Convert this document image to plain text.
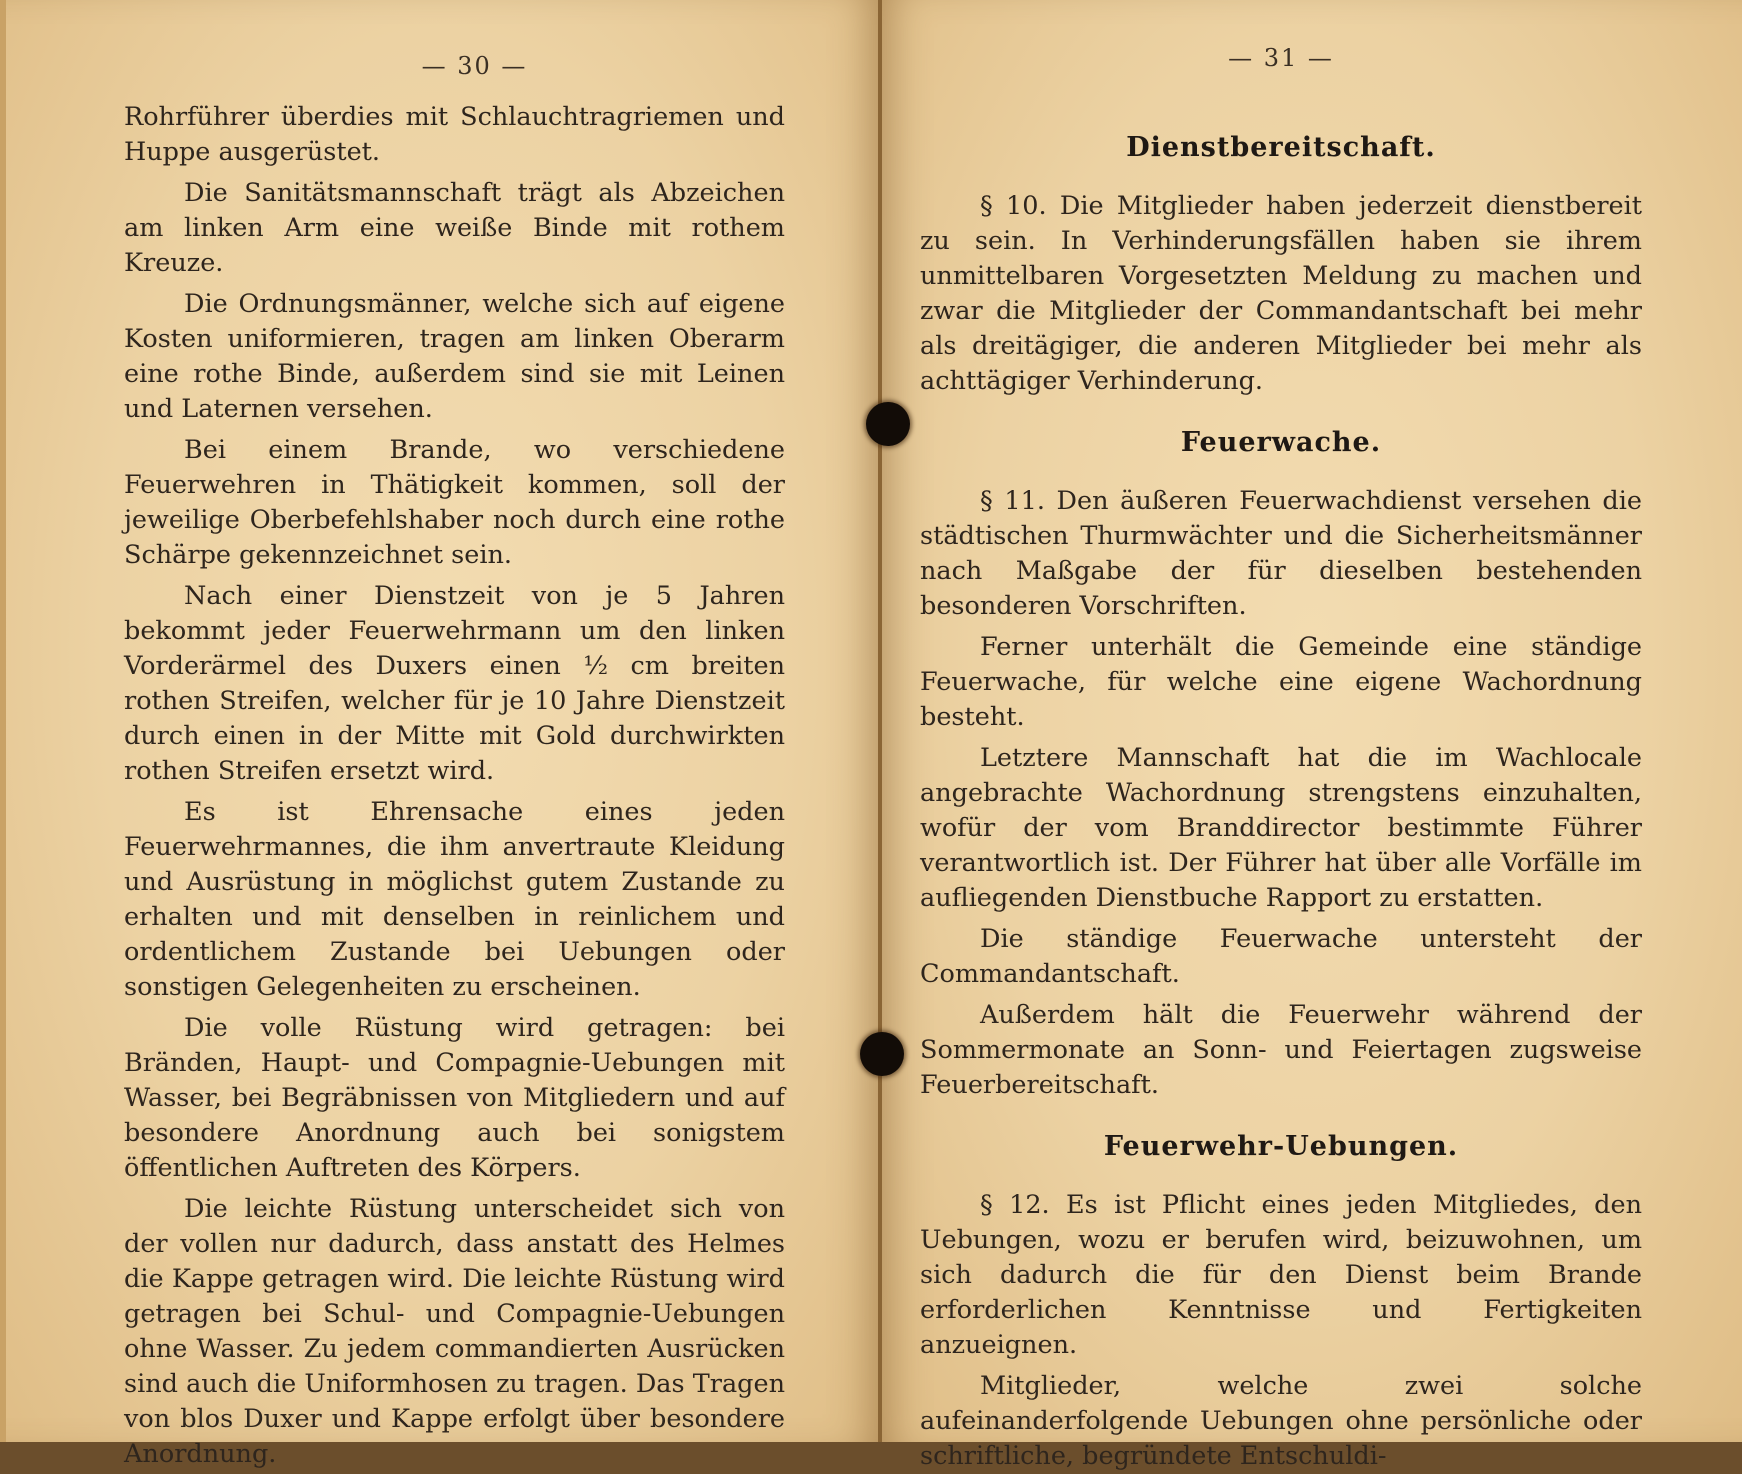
— 30 —

Rohrführer überdies mit Schlauchtragriemen und Huppe ausgerüstet.

Die Sanitätsmannschaft trägt als Abzeichen am linken Arm eine weiße Binde mit rothem Kreuze.

Die Ordnungsmänner, welche sich auf eigene Kosten uniformieren, tragen am linken Oberarm eine rothe Binde, außerdem sind sie mit Leinen und Laternen versehen.

Bei einem Brande, wo verschiedene Feuerwehren in Thätigkeit kommen, soll der jeweilige Oberbefehlshaber noch durch eine rothe Schärpe gekennzeichnet sein.

Nach einer Dienstzeit von je 5 Jahren bekommt jeder Feuerwehrmann um den linken Vorderärmel des Duxers einen ½ cm breiten rothen Streifen, welcher für je 10 Jahre Dienstzeit durch einen in der Mitte mit Gold durchwirkten rothen Streifen ersetzt wird.

Es ist Ehrensache eines jeden Feuerwehrmannes, die ihm anvertraute Kleidung und Ausrüstung in möglichst gutem Zustande zu erhalten und mit denselben in reinlichem und ordentlichem Zustande bei Uebungen oder sonstigen Gelegenheiten zu erscheinen.

Die volle Rüstung wird getragen: bei Bränden, Haupt- und Compagnie-Uebungen mit Wasser, bei Begräbnissen von Mitgliedern und auf besondere Anordnung auch bei sonigstem öffentlichen Auftreten des Körpers.

Die leichte Rüstung unterscheidet sich von der vollen nur dadurch, dass anstatt des Helmes die Kappe getragen wird. Die leichte Rüstung wird getragen bei Schul- und Compagnie-Uebungen ohne Wasser. Zu jedem commandierten Ausrücken sind auch die Uniformhosen zu tragen. Das Tragen von blos Duxer und Kappe erfolgt über besondere Anordnung.

— 31 —
Dienstbereitschaft.

§ 10. Die Mitglieder haben jederzeit dienstbereit zu sein. In Verhinderungsfällen haben sie ihrem unmittelbaren Vorgesetzten Meldung zu machen und zwar die Mitglieder der Commandantschaft bei mehr als dreitägiger, die anderen Mitglieder bei mehr als achttägiger Verhinderung.

Feuerwache.

§ 11. Den äußeren Feuerwachdienst versehen die städtischen Thurmwächter und die Sicherheitsmänner nach Maßgabe der für dieselben bestehenden besonderen Vorschriften.

Ferner unterhält die Gemeinde eine ständige Feuerwache, für welche eine eigene Wachordnung besteht.

Letztere Mannschaft hat die im Wachlocale angebrachte Wachordnung strengstens einzuhalten, wofür der vom Branddirector bestimmte Führer verantwortlich ist. Der Führer hat über alle Vorfälle im aufliegenden Dienstbuche Rapport zu erstatten.

Die ständige Feuerwache untersteht der Commandantschaft.

Außerdem hält die Feuerwehr während der Sommermonate an Sonn- und Feiertagen zugsweise Feuerbereitschaft.

Feuerwehr-Uebungen.

§ 12. Es ist Pflicht eines jeden Mitgliedes, den Uebungen, wozu er berufen wird, beizuwohnen, um sich dadurch die für den Dienst beim Brande erforderlichen Kenntnisse und Fertigkeiten anzueignen.

Mitglieder, welche zwei solche aufeinanderfolgende Uebungen ohne persönliche oder schriftliche, begründete Entschuldi-
